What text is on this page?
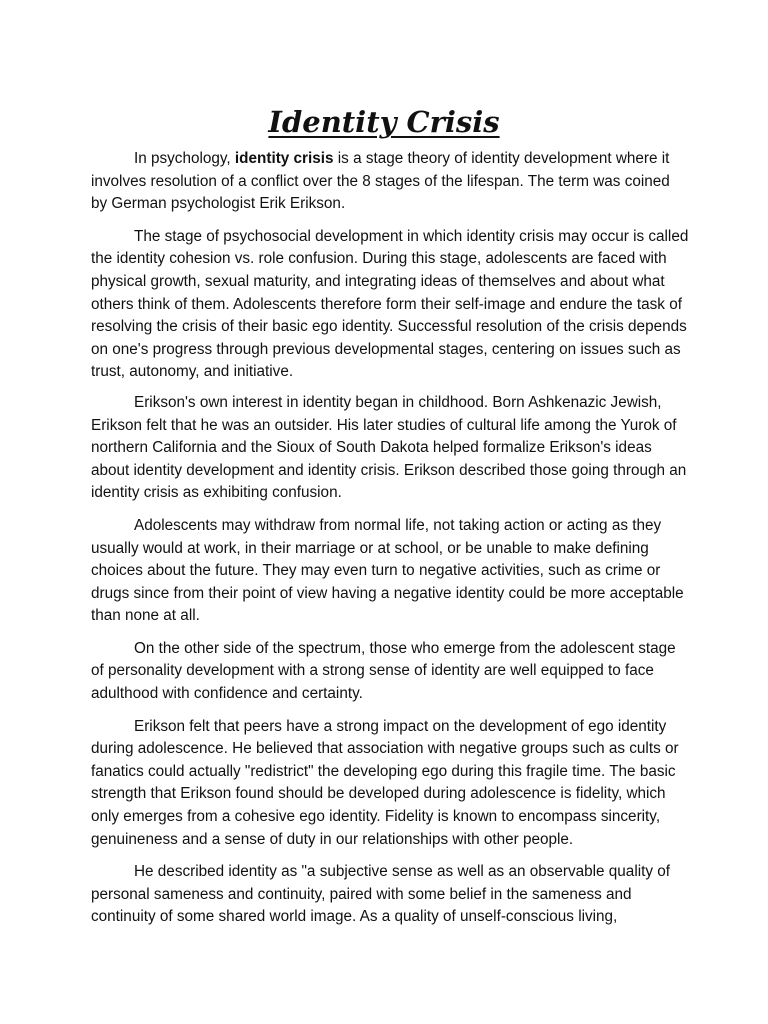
Identity Crisis

In psychology, identity crisis is a stage theory of identity development where it involves resolution of a conflict over the 8 stages of the lifespan. The term was coined by German psychologist Erik Erikson.

The stage of psychosocial development in which identity crisis may occur is called the identity cohesion vs. role confusion. During this stage, adolescents are faced with physical growth, sexual maturity, and integrating ideas of themselves and about what others think of them. Adolescents therefore form their self-image and endure the task of resolving the crisis of their basic ego identity. Successful resolution of the crisis depends on one's progress through previous developmental stages, centering on issues such as trust, autonomy, and initiative.

Erikson's own interest in identity began in childhood. Born Ashkenazic Jewish, Erikson felt that he was an outsider. His later studies of cultural life among the Yurok of northern California and the Sioux of South Dakota helped formalize Erikson's ideas about identity development and identity crisis. Erikson described those going through an identity crisis as exhibiting confusion.

Adolescents may withdraw from normal life, not taking action or acting as they usually would at work, in their marriage or at school, or be unable to make defining choices about the future. They may even turn to negative activities, such as crime or drugs since from their point of view having a negative identity could be more acceptable than none at all.

On the other side of the spectrum, those who emerge from the adolescent stage of personality development with a strong sense of identity are well equipped to face adulthood with confidence and certainty.

Erikson felt that peers have a strong impact on the development of ego identity during adolescence. He believed that association with negative groups such as cults or fanatics could actually "redistrict" the developing ego during this fragile time. The basic strength that Erikson found should be developed during adolescence is fidelity, which only emerges from a cohesive ego identity. Fidelity is known to encompass sincerity, genuineness and a sense of duty in our relationships with other people.

He described identity as "a subjective sense as well as an observable quality of personal sameness and continuity, paired with some belief in the sameness and continuity of some shared world image. As a quality of unself-conscious living,
